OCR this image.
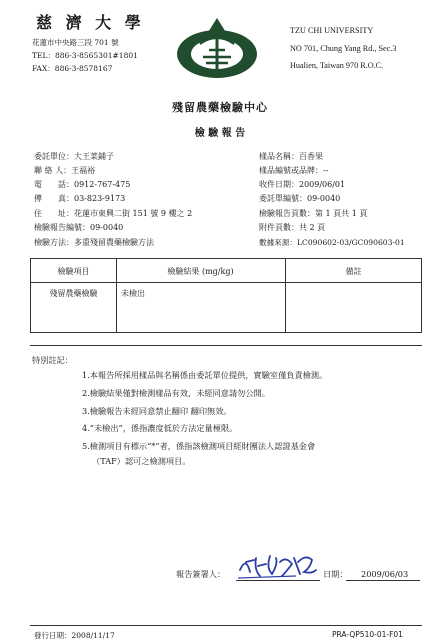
慈 濟 大 學
花蓮市中央路三段 701 號
TEL：886-3-8565301#1801
FAX：886-3-8578167
TZU CHI UNIVERSITY
NO 701, Chung Yang Rd., Sec.3
Hualien, Taiwan 970 R.O.C.
殘留農藥檢驗中心
檢 驗 報 告
委託單位：大王菜鋪子
聯 絡 人：王福裕
電　　話：0912-767-475
傳　　真：03-823-9173
住　　址：花蓮市東興二街 151 號 9 樓之 2
檢驗報告編號：09-0040
檢驗方法：多重殘留農藥檢驗方法
樣品名稱：百香果
樣品編號或品牌：--
收件日期：2009/06/01
委託單編號：09-0040
檢驗報告頁數：第 1 頁共 1 頁
附件頁數：共 2 頁
數據來源：LC090602-03/GC090603-01
檢驗項目	檢驗結果 (mg/kg)	備註
殘留農藥檢驗	未檢出
特別註記：
1.本報告所採用樣品與名稱係由委託單位提供，實驗室僅負責檢測。
2.檢驗結果僅對檢測樣品有效，未經同意請勿公開。
3.檢驗報告未經同意禁止翻印 翻印無效。
4.“未檢出”，係指濃度低於方法定量極限。
5.檢測項目有標示“*”者，係指該檢測項目經財團法人認證基金會
（TAF）認可之檢測項目。
報告簽署人：	日期： 2009/06/03
發行日期：2008/11/17	PRA-QP510-01-F01
